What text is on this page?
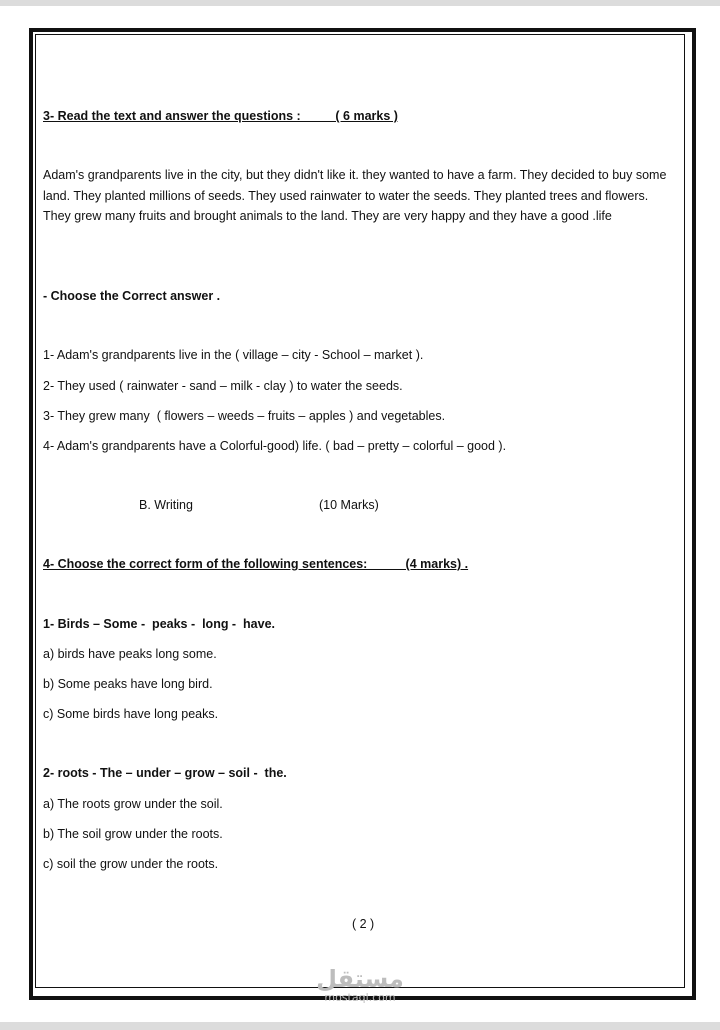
3- Read the text and answer the questions :          ( 6 marks )
Adam's grandparents live in the city, but they didn't like it. they wanted to have a farm. They decided to buy some land. They planted millions of seeds. They used rainwater to water the seeds. They planted trees and flowers. They grew many fruits and brought animals to the land. They are very happy and they have a good .life
- Choose the Correct answer .
1- Adam's grandparents live in the ( village – city - School – market ).
2- They used ( rainwater - sand – milk - clay ) to water the seeds.
3- They grew many  ( flowers – weeds – fruits – apples ) and vegetables.
4- Adam's grandparents have a Colorful-good) life. ( bad – pretty – colorful – good ).
B. Writing	(10 Marks)
4- Choose the correct form of the following sentences:           (4 marks) .
1- Birds – Some -  peaks -  long -  have.
a) birds have peaks long some.
b) Some peaks have long bird.
c) Some birds have long peaks.
2- roots - The – under – grow – soil -  the.
a) The roots grow under the soil.
b) The soil grow under the roots.
c) soil the grow under the roots.
( 2 )
مستقل
mostaql.com
